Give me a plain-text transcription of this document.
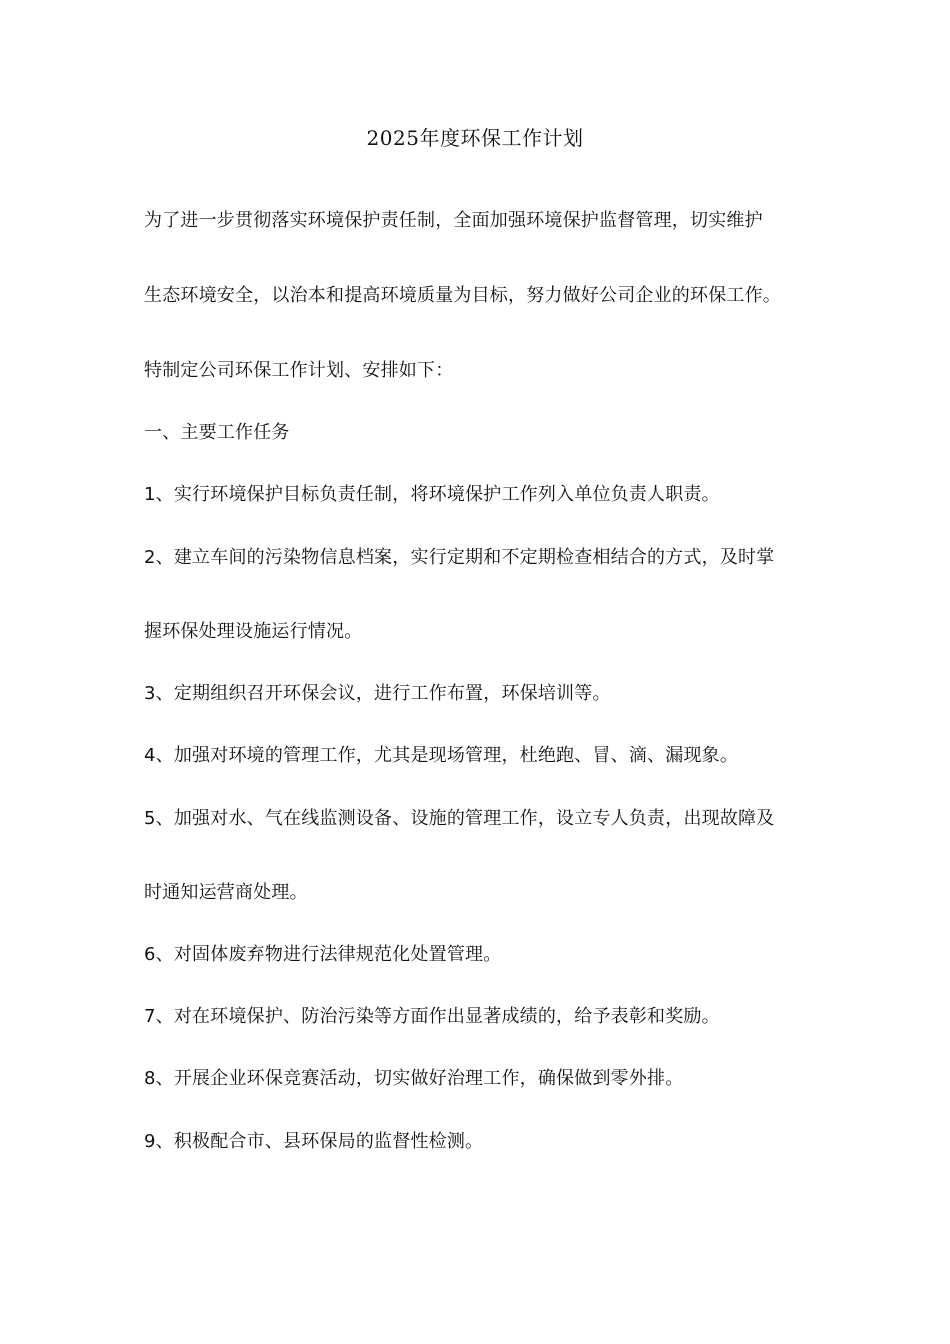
2025年度环保工作计划
为了进一步贯彻落实环境保护责任制，全面加强环境保护监督管理，切实维护
生态环境安全，以治本和提高环境质量为目标，努力做好公司企业的环保工作。
特制定公司环保工作计划、安排如下：
一、主要工作任务
1、实行环境保护目标负责任制，将环境保护工作列入单位负责人职责。
2、建立车间的污染物信息档案，实行定期和不定期检查相结合的方式，及时掌
握环保处理设施运行情况。
3、定期组织召开环保会议，进行工作布置，环保培训等。
4、加强对环境的管理工作，尤其是现场管理，杜绝跑、冒、滴、漏现象。
5、加强对水、气在线监测设备、设施的管理工作，设立专人负责，出现故障及
时通知运营商处理。
6、对固体废弃物进行法律规范化处置管理。
7、对在环境保护、防治污染等方面作出显著成绩的，给予表彰和奖励。
8、开展企业环保竞赛活动，切实做好治理工作，确保做到零外排。
9、积极配合市、县环保局的监督性检测。
